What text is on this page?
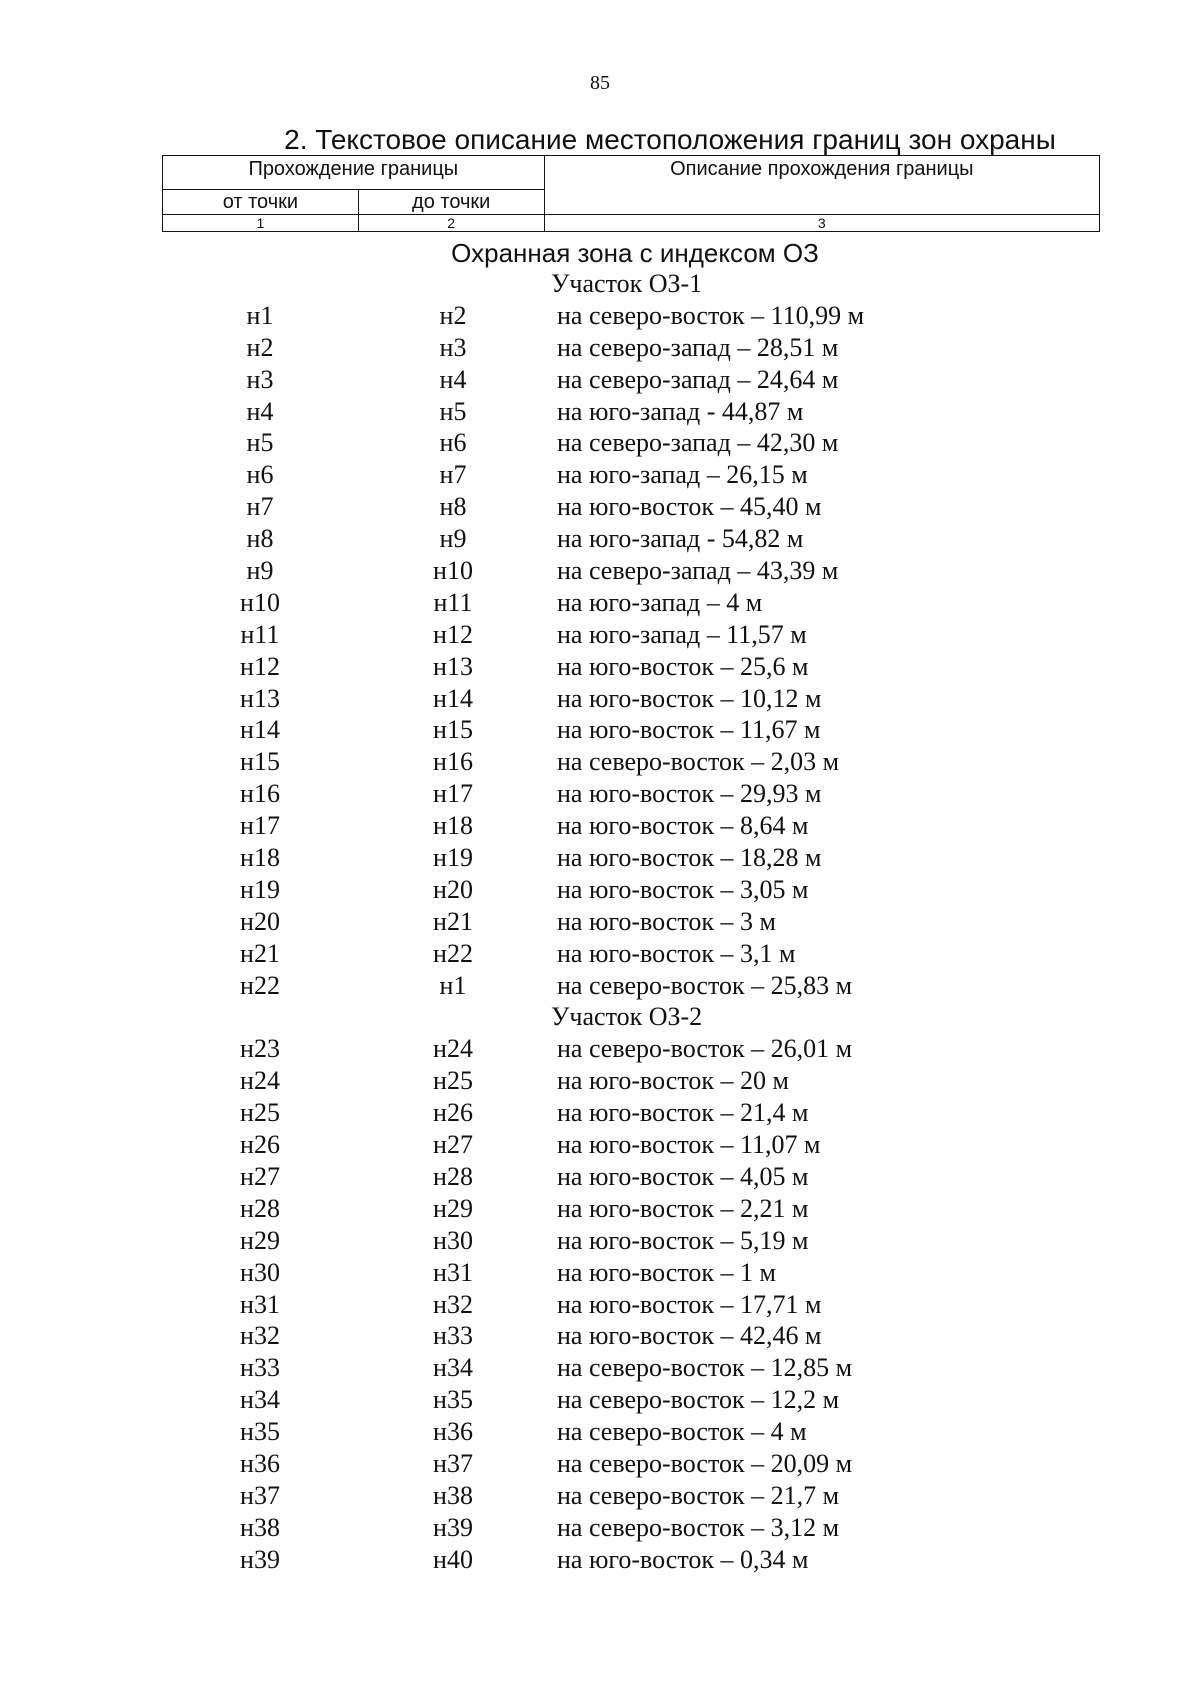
85
2. Текстовое описание местоположения границ зон охраны
Прохождение границы		Описание прохождения границы
от точки	до точки	
1	2	3
Охранная зона с индексом ОЗ
Участок ОЗ-1
н1	н2	на северо-восток – 110,99 м
н2	н3	на северо-запад – 28,51 м
н3	н4	на северо-запад – 24,64 м
н4	н5	на юго-запад - 44,87 м
н5	н6	на северо-запад – 42,30 м
н6	н7	на юго-запад – 26,15 м
н7	н8	на юго-восток – 45,40 м
н8	н9	на юго-запад - 54,82 м
н9	н10	на северо-запад – 43,39 м
н10	н11	на юго-запад – 4 м
н11	н12	на юго-запад – 11,57 м
н12	н13	на юго-восток – 25,6 м
н13	н14	на юго-восток – 10,12 м
н14	н15	на юго-восток – 11,67 м
н15	н16	на северо-восток – 2,03 м
н16	н17	на юго-восток – 29,93 м
н17	н18	на юго-восток – 8,64 м
н18	н19	на юго-восток – 18,28 м
н19	н20	на юго-восток – 3,05 м
н20	н21	на юго-восток – 3 м
н21	н22	на юго-восток – 3,1 м
н22	н1	на северо-восток – 25,83 м
Участок ОЗ-2
н23	н24	на северо-восток – 26,01 м
н24	н25	на юго-восток – 20 м
н25	н26	на юго-восток – 21,4 м
н26	н27	на юго-восток – 11,07 м
н27	н28	на юго-восток – 4,05 м
н28	н29	на юго-восток – 2,21 м
н29	н30	на юго-восток – 5,19 м
н30	н31	на юго-восток – 1 м
н31	н32	на юго-восток – 17,71 м
н32	н33	на юго-восток – 42,46 м
н33	н34	на северо-восток – 12,85 м
н34	н35	на северо-восток – 12,2 м
н35	н36	на северо-восток – 4 м
н36	н37	на северо-восток – 20,09 м
н37	н38	на северо-восток – 21,7 м
н38	н39	на северо-восток – 3,12 м
н39	н40	на юго-восток – 0,34 м
